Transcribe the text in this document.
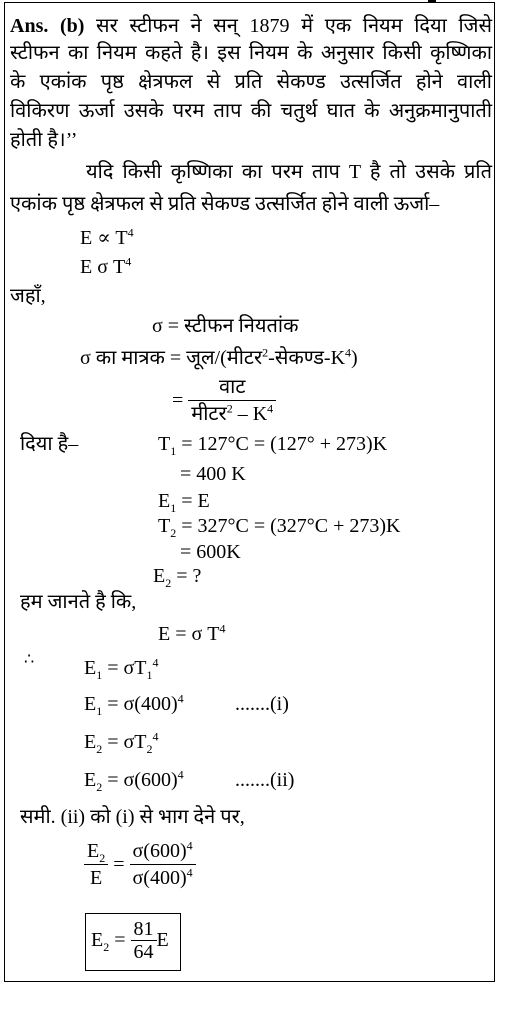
Ans. (b) सर स्टीफन ने सन् 1879 में एक नियम दिया जिसे
स्टीफन का नियम कहते है। इस नियम के अनुसार किसी कृष्णिका
के एकांक पृष्ठ क्षेत्रफल से प्रति सेकण्ड उत्सर्जित होने वाली
विकिरण ऊर्जा उसके परम ताप की चतुर्थ घात के अनुक्रमानुपाती
होती है।’’
यदि किसी कृष्णिका का परम ताप T है तो उसके प्रति
एकांक पृष्ठ क्षेत्रफल से प्रति सेकण्ड उत्सर्जित होने वाली ऊर्जा–
$E \propto T^4$
E σ $T^4$
जहाँ,
σ = स्टीफन नियतांक
σ का मात्रक = $जूल/(मीटर^2-सेकण्ड-K^4)$
= $\frac{\text{वाट}}{मीटर^2 - K^4}$
दिया है–	$T_1 = 127^\circ C = (127^\circ + 273)K$
= 400 K
$E_1 = E$
$T_2 = 327^\circ C = (327^\circ C + 273)K$
= 600K
$E_2$ = ?
हम जानते है कि,
E = σ $T^4$
∴ $E_1 = \sigma T_1^4$
$E_1 = \sigma(400)^4$	.......(i)
$E_2 = \sigma T_2^4$
$E_2 = \sigma(600)^4$	.......(ii)
समी. (ii) को (i) से भाग देने पर,
$\frac{E_2}{E} = \frac{\sigma(600)^4}{\sigma(400)^4}$
$E_2 = \frac{81}{64}$ E
